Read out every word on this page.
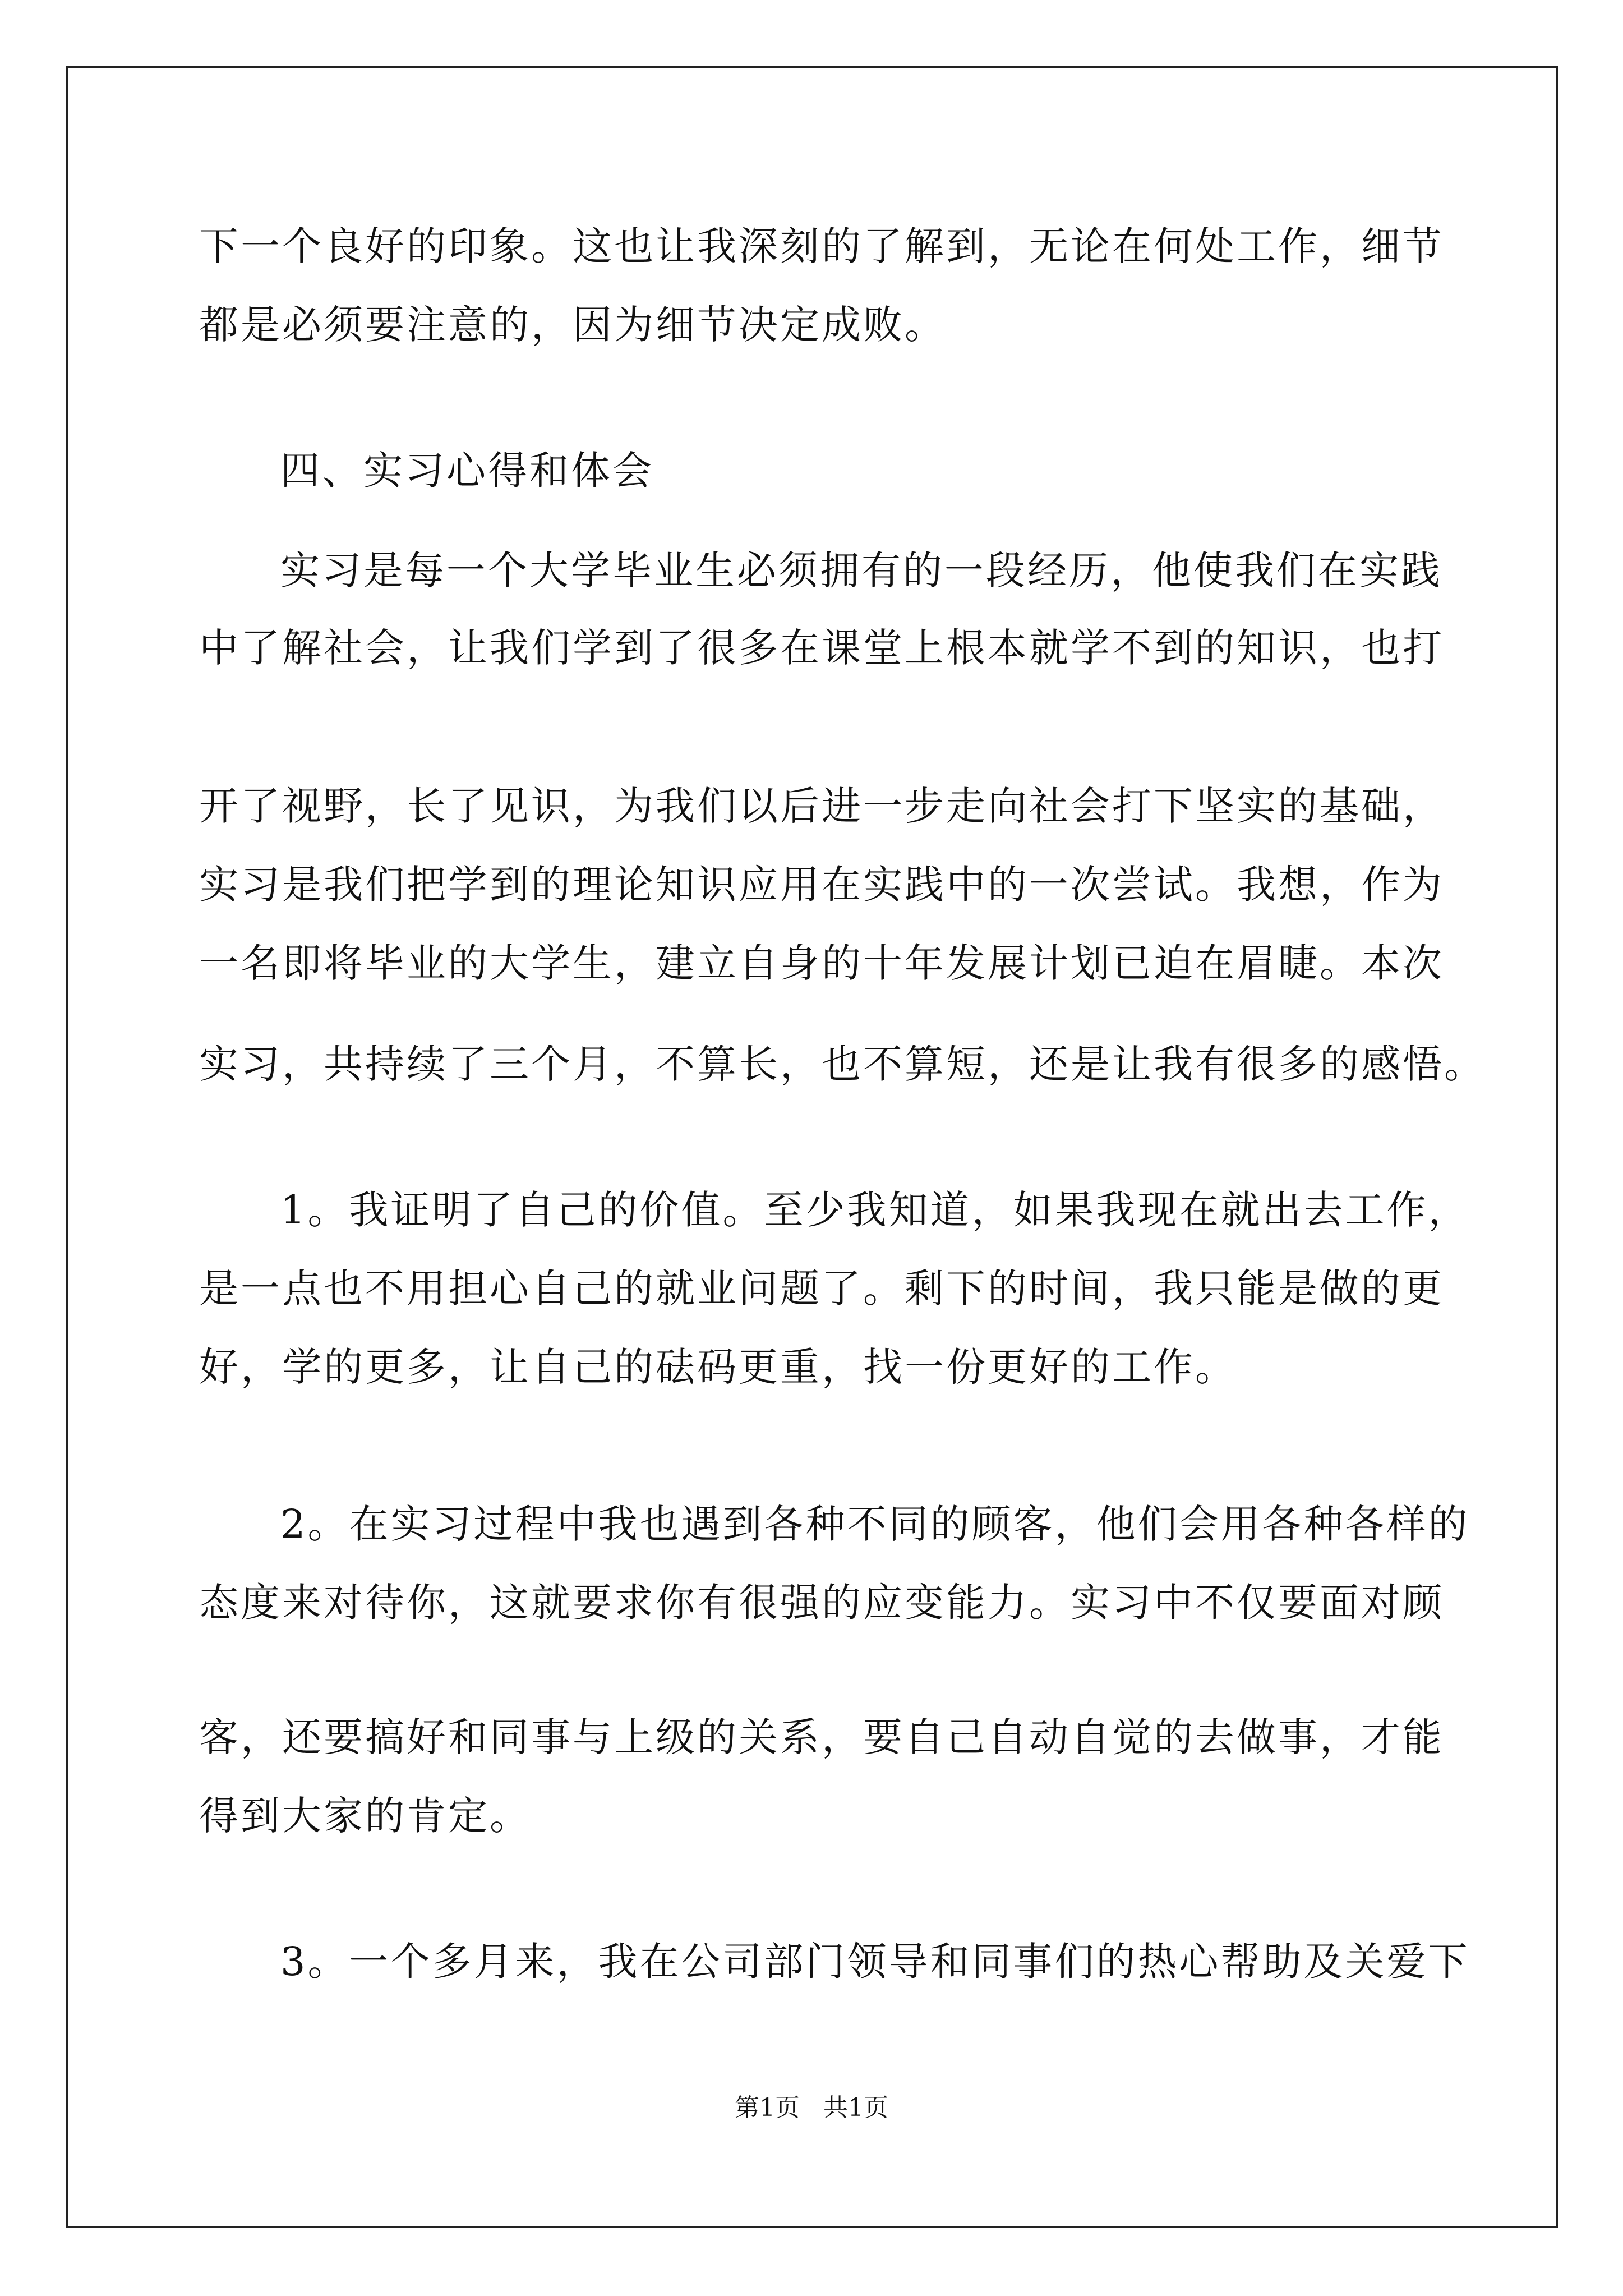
下一个良好的印象。这也让我深刻的了解到，无论在何处工作，细节
都是必须要注意的，因为细节决定成败。
四、实习心得和体会
实习是每一个大学毕业生必须拥有的一段经历，他使我们在实践
中了解社会，让我们学到了很多在课堂上根本就学不到的知识，也打
开了视野，长了见识，为我们以后进一步走向社会打下坚实的基础，
实习是我们把学到的理论知识应用在实践中的一次尝试。我想，作为
一名即将毕业的大学生，建立自身的十年发展计划已迫在眉睫。本次
实习，共持续了三个月，不算长，也不算短，还是让我有很多的感悟。
1。我证明了自己的价值。至少我知道，如果我现在就出去工作，
是一点也不用担心自己的就业问题了。剩下的时间，我只能是做的更
好，学的更多，让自己的砝码更重，找一份更好的工作。
2。在实习过程中我也遇到各种不同的顾客，他们会用各种各样的
态度来对待你，这就要求你有很强的应变能力。实习中不仅要面对顾
客，还要搞好和同事与上级的关系，要自己自动自觉的去做事，才能
得到大家的肯定。
3。一个多月来，我在公司部门领导和同事们的热心帮助及关爱下
第1页   共1页
